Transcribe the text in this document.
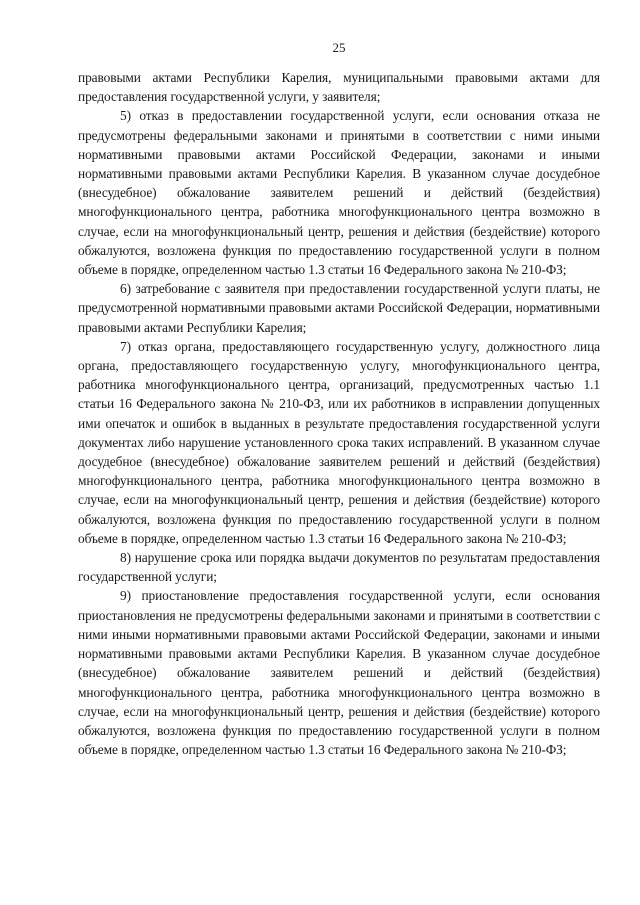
25

правовыми актами Республики Карелия, муниципальными правовыми актами для предоставления государственной услуги, у заявителя;

5) отказ в предоставлении государственной услуги, если основания отказа не предусмотрены федеральными законами и принятыми в соответствии с ними иными нормативными правовыми актами Российской Федерации, законами и иными нормативными правовыми актами Республики Карелия. В указанном случае досудебное (внесудебное) обжалование заявителем решений и действий (бездействия) многофункционального центра, работника многофункционального центра возможно в случае, если на многофункциональный центр, решения и действия (бездействие) которого обжалуются, возложена функция по предоставлению государственной услуги в полном объеме в порядке, определенном частью 1.3 статьи 16 Федерального закона № 210-ФЗ;

6) затребование с заявителя при предоставлении государственной услуги платы, не предусмотренной нормативными правовыми актами Российской Федерации, нормативными правовыми актами Республики Карелия;

7) отказ органа, предоставляющего государственную услугу, должностного лица органа, предоставляющего государственную услугу, многофункционального центра, работника многофункционального центра, организаций, предусмотренных частью 1.1 статьи 16 Федерального закона № 210-ФЗ, или их работников в исправлении допущенных ими опечаток и ошибок в выданных в результате предоставления государственной услуги документах либо нарушение установленного срока таких исправлений. В указанном случае досудебное (внесудебное) обжалование заявителем решений и действий (бездействия) многофункционального центра, работника многофункционального центра возможно в случае, если на многофункциональный центр, решения и действия (бездействие) которого обжалуются, возложена функция по предоставлению государственной услуги в полном объеме в порядке, определенном частью 1.3 статьи 16 Федерального закона № 210-ФЗ;

8) нарушение срока или порядка выдачи документов по результатам предоставления государственной услуги;

9) приостановление предоставления государственной услуги, если основания приостановления не предусмотрены федеральными законами и принятыми в соответствии с ними иными нормативными правовыми актами Российской Федерации, законами и иными нормативными правовыми актами Республики Карелия. В указанном случае досудебное (внесудебное) обжалование заявителем решений и действий (бездействия) многофункционального центра, работника многофункционального центра возможно в случае, если на многофункциональный центр, решения и действия (бездействие) которого обжалуются, возложена функция по предоставлению государственной услуги в полном объеме в порядке, определенном частью 1.3 статьи 16 Федерального закона № 210-ФЗ;
